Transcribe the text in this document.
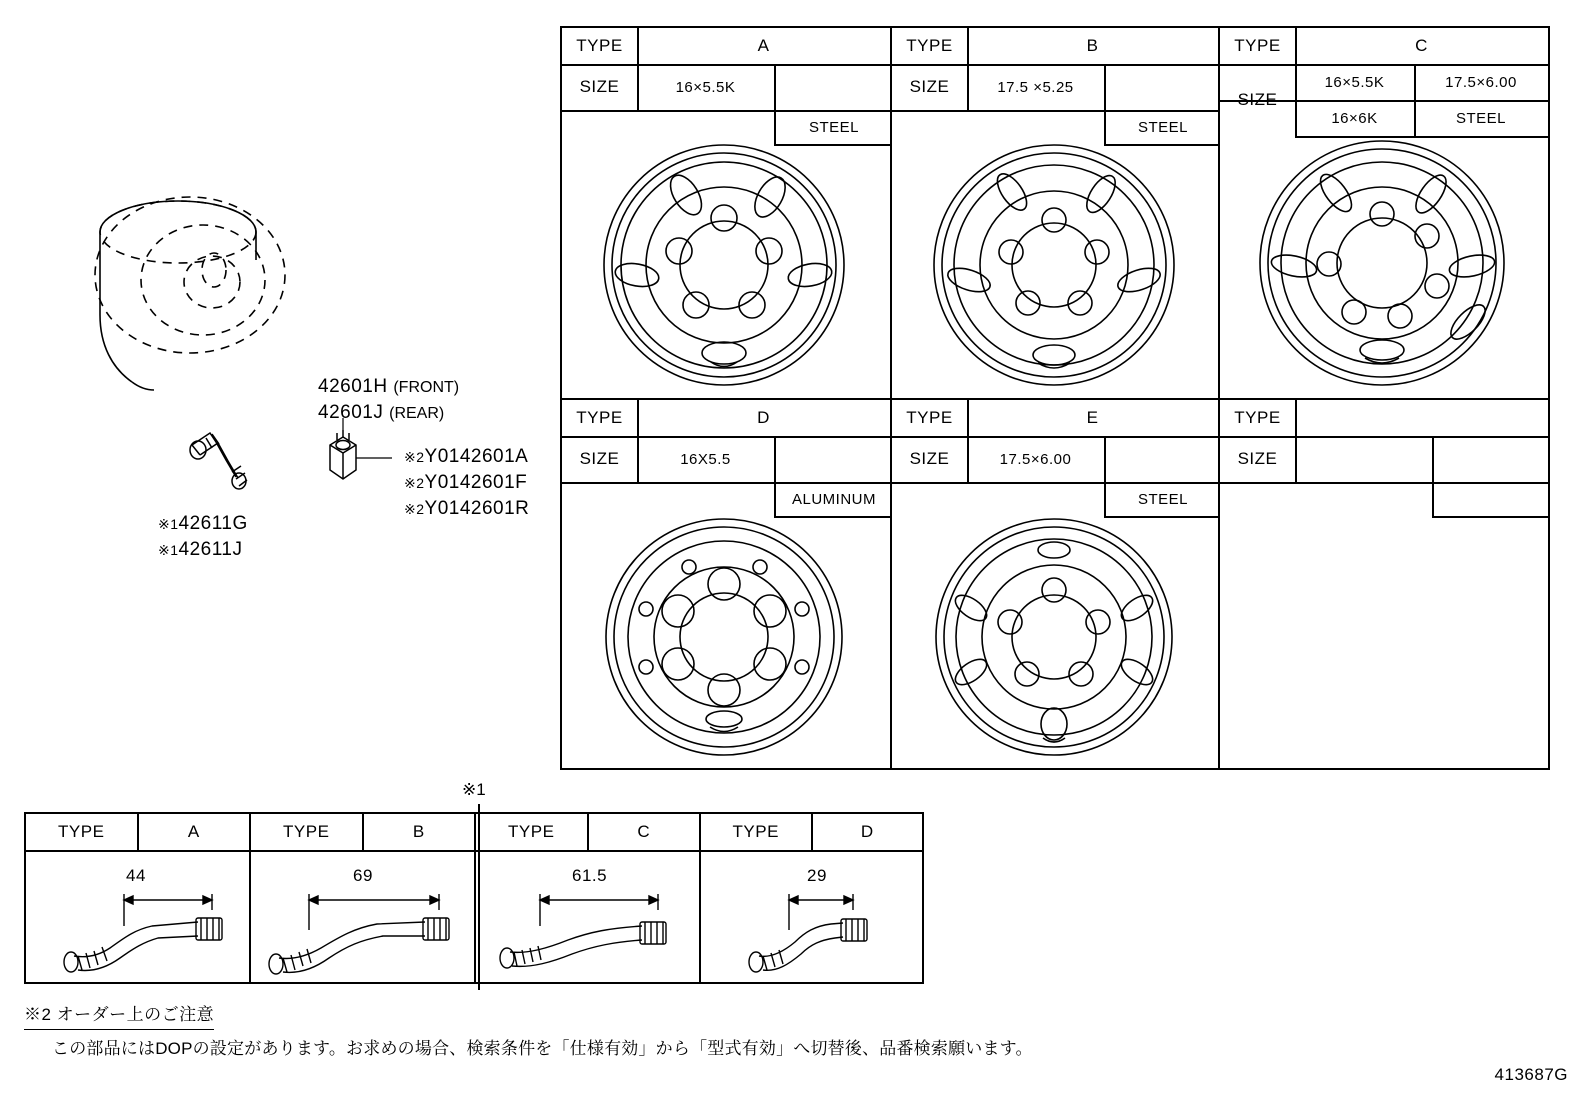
42601H (FRONT)
42601J (REAR)
※2Y0142601A
※2Y0142601F
※2Y0142601R
※142611G
※142611J
TYPE	A
SIZE	16×5.5K
STEEL
TYPE	B
SIZE	17.5 ×5.25
STEEL
TYPE	C
SIZE
16×5.5K	17.5×6.00
16×6K	STEEL
TYPE	D
SIZE	16X5.5
ALUMINUM
TYPE	E
SIZE	17.5×6.00
STEEL
TYPE
SIZE
※1
TYPE	A
44
TYPE	B
69
TYPE	C
61.5
TYPE	D
29
※2 オーダー上のご注意
この部品にはDOPの設定があります。お求めの場合、検索条件を「仕様有効」から「型式有効」へ切替後、品番検索願います。
413687G
